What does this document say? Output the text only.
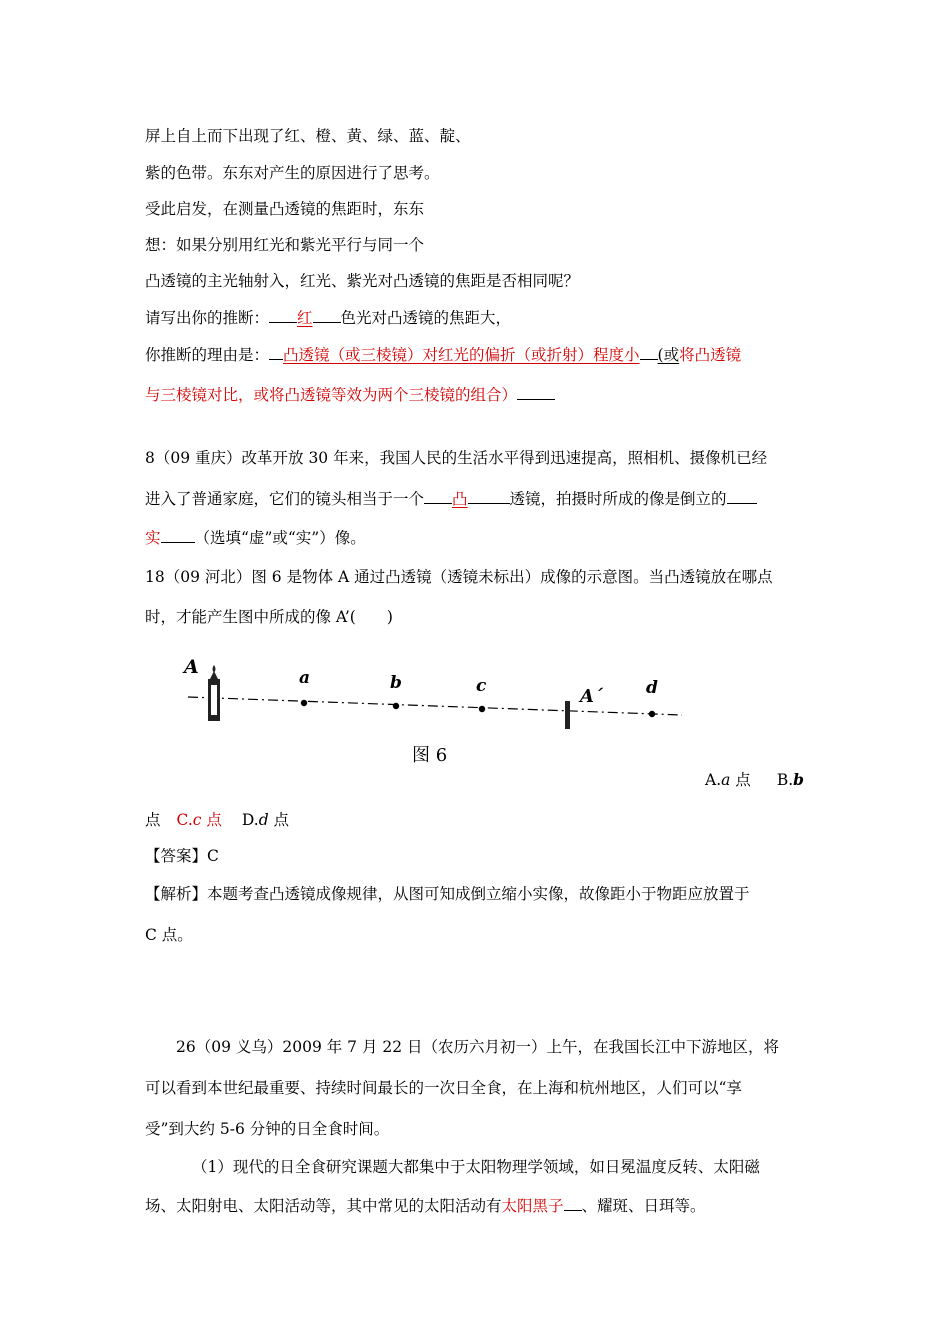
屏上自上而下出现了红、橙、黄、绿、蓝、靛、
紫的色带。东东对产生的原因进行了思考。
受此启发，在测量凸透镜的焦距时，东东
想：如果分别用红光和紫光平行与同一个
凸透镜的主光轴射入，红光、紫光对凸透镜的焦距是否相同呢？
请写出你的推断： 红 色光对凸透镜的焦距大，
你推断的理由是： 凸透镜（或三棱镜）对红光的偏折（或折射）程度小 (或将凸透镜
与三棱镜对比，或将凸透镜等效为两个三棱镜的组合）
8（09 重庆）改革开放 30 年来，我国人民的生活水平得到迅速提高，照相机、摄像机已经
进入了普通家庭，它们的镜头相当于一个 凸	透镜，拍摄时所成的像是倒立的
实 （选填“虚”或“实”）像。
18（09 河北）图 6 是物体 A 通过凸透镜（透镜未标出）成像的示意图。当凸透镜放在哪点
时，才能产生图中所成的像 A’(　　)
A	a	b	c	A´	d
图 6
A.a 点 B.b
点 C.c 点 D.d 点
【答案】C
【解析】本题考查凸透镜成像规律，从图可知成倒立缩小实像，故像距小于物距应放置于
C 点。
26（09 义乌）2009 年 7 月 22 日（农历六月初一）上午，在我国长江中下游地区，将
可以看到本世纪最重要、持续时间最长的一次日全食，在上海和杭州地区，人们可以“享
受”到大约 5-6 分钟的日全食时间。
（1）现代的日全食研究课题大都集中于太阳物理学领域，如日冕温度反转、太阳磁
场、太阳射电、太阳活动等，其中常见的太阳活动有太阳黑子 、耀斑、日珥等。
